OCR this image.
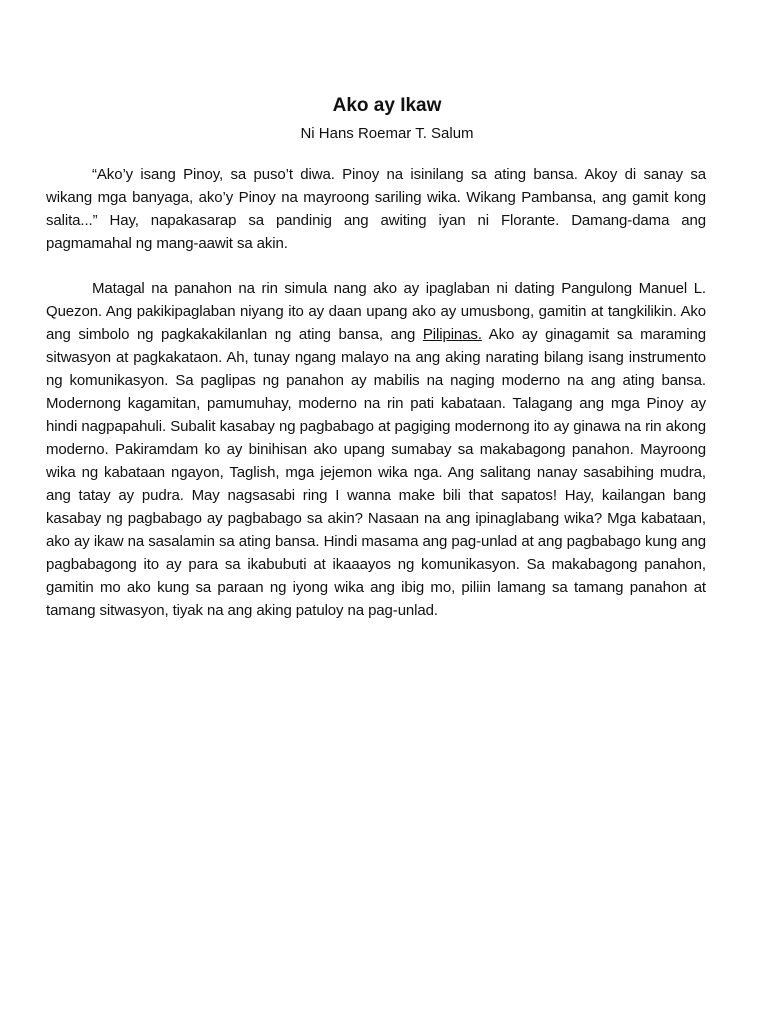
Ako ay Ikaw

Ni Hans Roemar T. Salum

“Ako’y isang Pinoy, sa puso’t diwa. Pinoy na isinilang sa ating bansa. Akoy di sanay sa wikang mga banyaga, ako’y Pinoy na mayroong sariling wika. Wikang Pambansa, ang gamit kong salita...” Hay, napakasarap sa pandinig ang awiting iyan ni Florante. Damang-dama ang pagmamahal ng mang-aawit sa akin.

Matagal na panahon na rin simula nang ako ay ipaglaban ni dating Pangulong Manuel L. Quezon. Ang pakikipaglaban niyang ito ay daan upang ako ay umusbong, gamitin at tangkilikin. Ako ang simbolo ng pagkakakilanlan ng ating bansa, ang Pilipinas. Ako ay ginagamit sa maraming sitwasyon at pagkakataon. Ah, tunay ngang malayo na ang aking narating bilang isang instrumento ng komunikasyon. Sa paglipas ng panahon ay mabilis na naging moderno na ang ating bansa. Modernong kagamitan, pamumuhay, moderno na rin pati kabataan. Talagang ang mga Pinoy ay hindi nagpapahuli. Subalit kasabay ng pagbabago at pagiging modernong ito ay ginawa na rin akong moderno. Pakiramdam ko ay binihisan ako upang sumabay sa makabagong panahon. Mayroong wika ng kabataan ngayon, Taglish, mga jejemon wika nga. Ang salitang nanay sasabihing mudra, ang tatay ay pudra. May nagsasabi ring I wanna make bili that sapatos! Hay, kailangan bang kasabay ng pagbabago ay pagbabago sa akin? Nasaan na ang ipinaglabang wika? Mga kabataan, ako ay ikaw na sasalamin sa ating bansa. Hindi masama ang pag-unlad at ang pagbabago kung ang pagbabagong ito ay para sa ikabubuti at ikaaayos ng komunikasyon. Sa makabagong panahon, gamitin mo ako kung sa paraan ng iyong wika ang ibig mo, piliin lamang sa tamang panahon at tamang sitwasyon, tiyak na ang aking patuloy na pag-unlad.
